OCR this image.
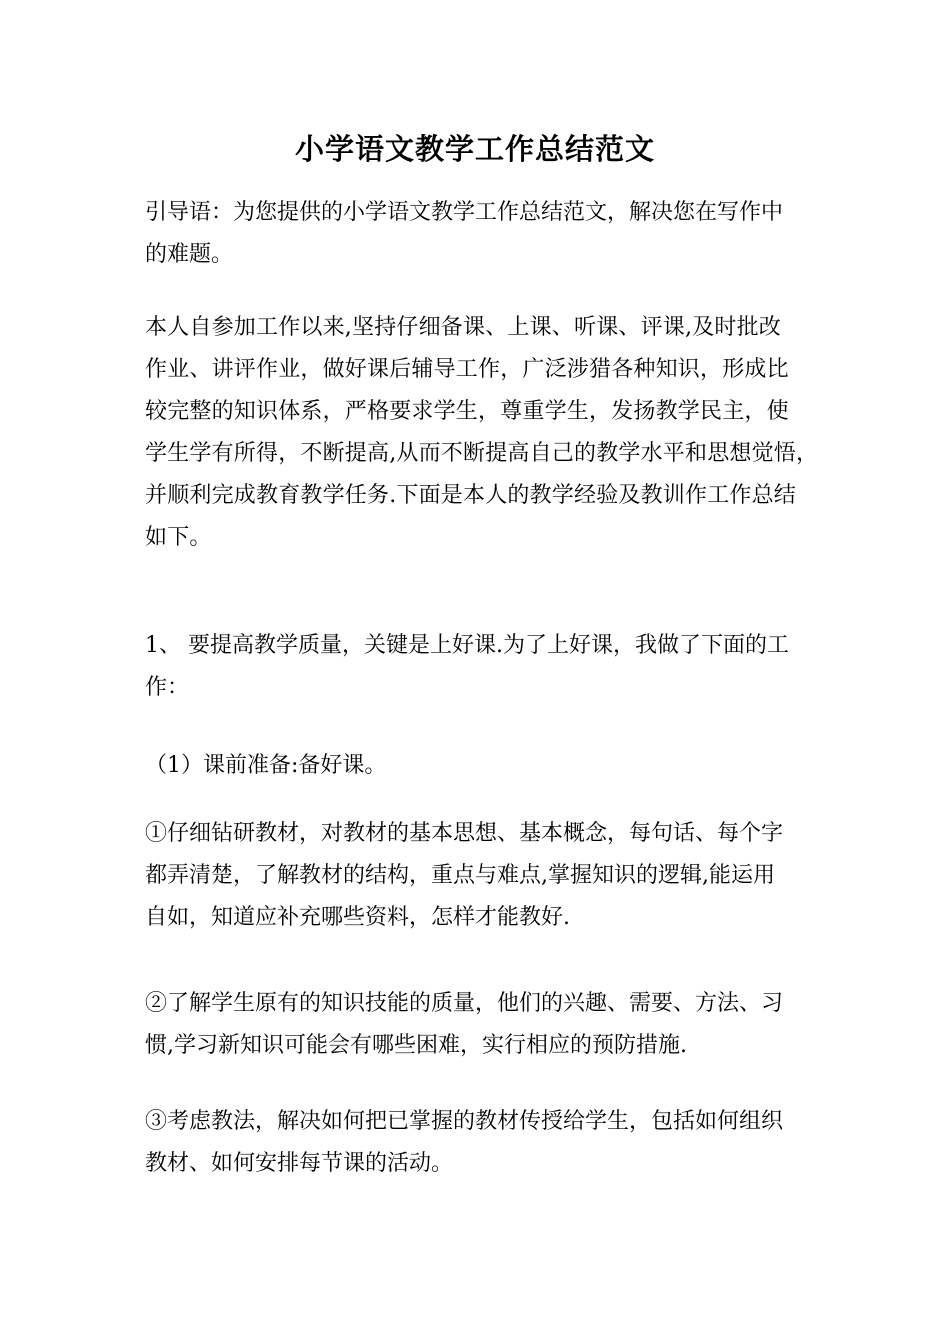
小学语文教学工作总结范文
引导语：为您提供的小学语文教学工作总结范文，解决您在写作中
的难题。
本人自参加工作以来,坚持仔细备课、上课、听课、评课,及时批改
作业、讲评作业，做好课后辅导工作，广泛涉猎各种知识，形成比
较完整的知识体系，严格要求学生，尊重学生，发扬教学民主，使
学生学有所得，不断提高,从而不断提高自己的教学水平和思想觉悟，
并顺利完成教育教学任务.下面是本人的教学经验及教训作工作总结
如下。
1、 要提高教学质量，关键是上好课.为了上好课，我做了下面的工
作：
（1）课前准备:备好课。
①仔细钻研教材，对教材的基本思想、基本概念，每句话、每个字
都弄清楚，了解教材的结构，重点与难点,掌握知识的逻辑,能运用
自如，知道应补充哪些资料，怎样才能教好.
②了解学生原有的知识技能的质量，他们的兴趣、需要、方法、习
惯,学习新知识可能会有哪些困难，实行相应的预防措施.
③考虑教法，解决如何把已掌握的教材传授给学生，包括如何组织
教材、如何安排每节课的活动。
